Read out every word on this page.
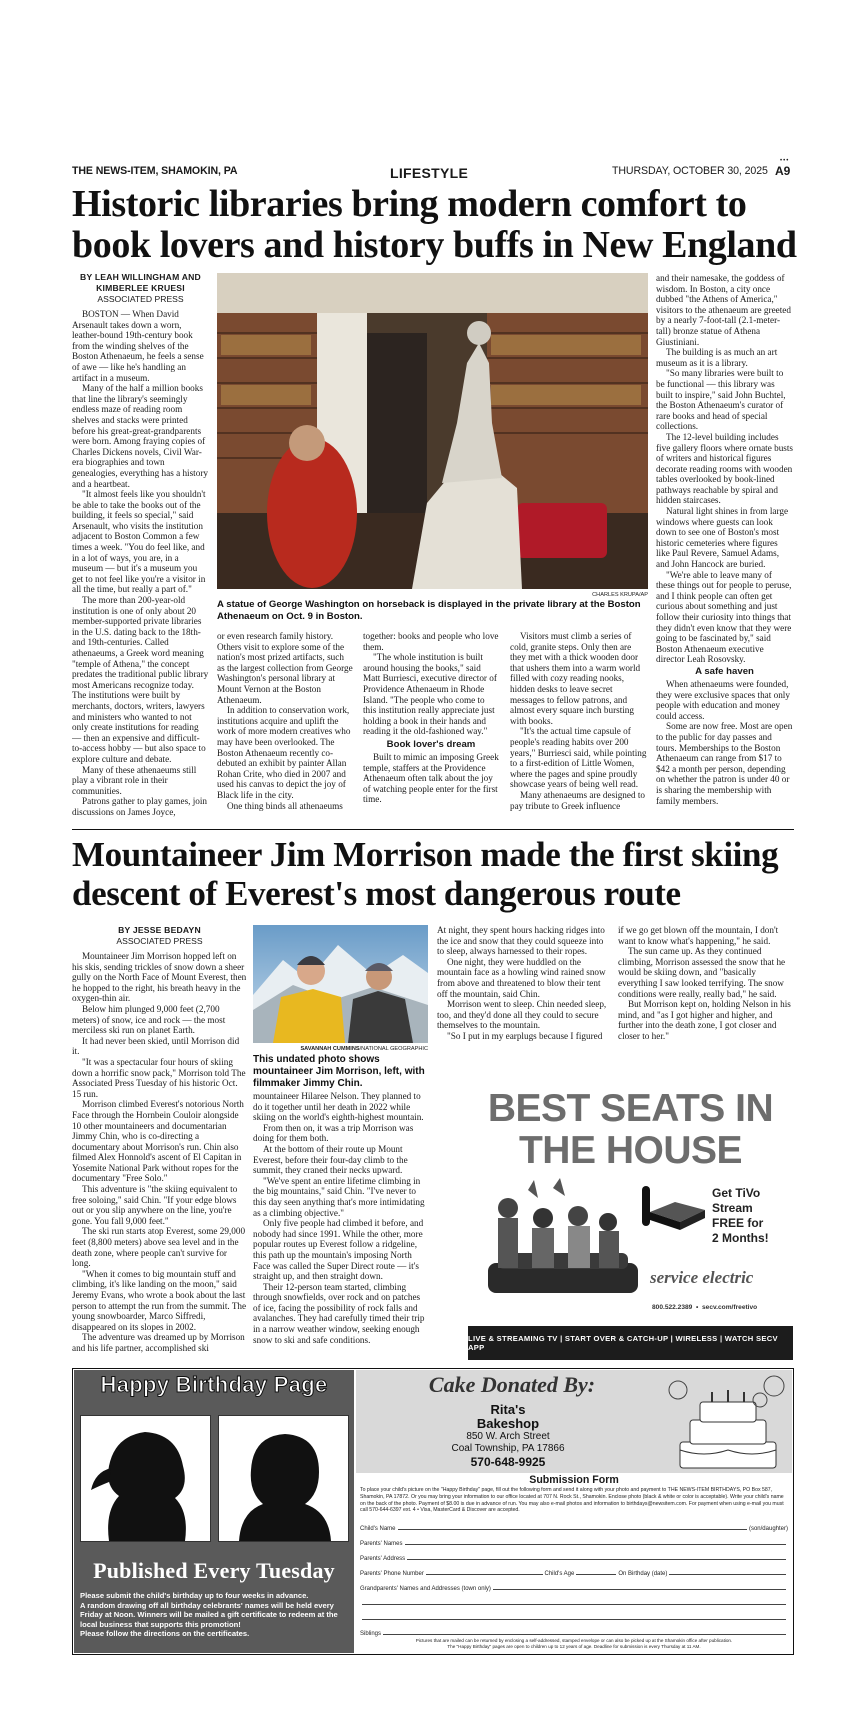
THE NEWS-ITEM, SHAMOKIN, PA	LIFESTYLE	THURSDAY, OCTOBER 30, 2025 A9
•••
Historic libraries bring modern comfort to
book lovers and history buffs in New England
BY LEAH WILLINGHAM AND
KIMBERLEE KRUESI
ASSOCIATED PRESS

BOSTON — When David Arsenault takes down a worn, leather-bound 19th-century book from the winding shelves of the Boston Athenaeum, he feels a sense of awe — like he's handling an artifact in a museum.

Many of the half a million books that line the library's seemingly endless maze of reading room shelves and stacks were printed before his great-great-grandparents were born. Among fraying copies of Charles Dickens novels, Civil War-era biographies and town genealogies, everything has a history and a heartbeat.

"It almost feels like you shouldn't be able to take the books out of the building, it feels so special," said Arsenault, who visits the institution adjacent to Boston Common a few times a week. "You do feel like, and in a lot of ways, you are, in a museum — but it's a museum you get to not feel like you're a visitor in all the time, but really a part of."

The more than 200-year-old institution is one of only about 20 member-supported private libraries in the U.S. dating back to the 18th- and 19th-centuries. Called athenaeums, a Greek word meaning "temple of Athena," the concept predates the traditional public library most Americans recognize today. The institutions were built by merchants, doctors, writers, lawyers and ministers who wanted to not only create institutions for reading — then an expensive and difficult-to-access hobby — but also space to explore culture and debate.

Many of these athenaeums still play a vibrant role in their communities.

Patrons gather to play games, join discussions on James Joyce,

CHARLES KRUPA/AP
A statue of George Washington on horseback is displayed in the private library at the Boston Athenaeum on Oct. 9 in Boston.

or even research family history. Others visit to explore some of the nation's most prized artifacts, such as the largest collection from George Washington's personal library at Mount Vernon at the Boston Athenaeum.

In addition to conservation work, institutions acquire and uplift the work of more modern creatives who may have been overlooked. The Boston Athenaeum recently co-debuted an exhibit by painter Allan Rohan Crite, who died in 2007 and used his canvas to depict the joy of Black life in the city.

One thing binds all athenaeums

together: books and people who love them.

"The whole institution is built around housing the books," said Matt Burriesci, executive director of Providence Athenaeum in Rhode Island. "The people who come to this institution really appreciate just holding a book in their hands and reading it the old-fashioned way."

Book lover's dream

Built to mimic an imposing Greek temple, staffers at the Providence Athenaeum often talk about the joy of watching people enter for the first time.

Visitors must climb a series of cold, granite steps. Only then are they met with a thick wooden door that ushers them into a warm world filled with cozy reading nooks, hidden desks to leave secret messages to fellow patrons, and almost every square inch bursting with books.

"It's the actual time capsule of people's reading habits over 200 years," Burriesci said, while pointing to a first-edition of Little Women, where the pages and spine proudly showcase years of being well read.

Many athenaeums are designed to pay tribute to Greek influence

and their namesake, the goddess of wisdom. In Boston, a city once dubbed "the Athens of America," visitors to the athenaeum are greeted by a nearly 7-foot-tall (2.1-meter-tall) bronze statue of Athena Giustiniani.

The building is as much an art museum as it is a library.

"So many libraries were built to be functional — this library was built to inspire," said John Buchtel, the Boston Athenaeum's curator of rare books and head of special collections.

The 12-level building includes five gallery floors where ornate busts of writers and historical figures decorate reading rooms with wooden tables overlooked by book-lined pathways reachable by spiral and hidden staircases.

Natural light shines in from large windows where guests can look down to see one of Boston's most historic cemeteries where figures like Paul Revere, Samuel Adams, and John Hancock are buried.

"We're able to leave many of these things out for people to peruse, and I think people can often get curious about something and just follow their curiosity into things that they didn't even know that they were going to be fascinated by," said Boston Athenaeum executive director Leah Rosovsky.

A safe haven

When athenaeums were founded, they were exclusive spaces that only people with education and money could access.

Some are now free. Most are open to the public for day passes and tours. Memberships to the Boston Athenaeum can range from $17 to $42 a month per person, depending on whether the patron is under 40 or is sharing the membership with family members.

Mountaineer Jim Morrison made the first skiing
descent of Everest's most dangerous route
BY JESSE BEDAYN
ASSOCIATED PRESS

Mountaineer Jim Morrison hopped left on his skis, sending trickles of snow down a sheer gully on the North Face of Mount Everest, then he hopped to the right, his breath heavy in the oxygen-thin air.

Below him plunged 9,000 feet (2,700 meters) of snow, ice and rock — the most merciless ski run on planet Earth.

It had never been skied, until Morrison did it.

"It was a spectacular four hours of skiing down a horrific snow pack," Morrison told The Associated Press Tuesday of his historic Oct. 15 run.

Morrison climbed Everest's notorious North Face through the Hornbein Couloir alongside 10 other mountaineers and documentarian Jimmy Chin, who is co-directing a documentary about Morrison's run. Chin also filmed Alex Honnold's ascent of El Capitan in Yosemite National Park without ropes for the documentary "Free Solo."

This adventure is "the skiing equivalent to free soloing," said Chin. "If your edge blows out or you slip anywhere on the line, you're gone. You fall 9,000 feet."

The ski run starts atop Everest, some 29,000 feet (8,800 meters) above sea level and in the death zone, where people can't survive for long.

"When it comes to big mountain stuff and climbing, it's like landing on the moon," said Jeremy Evans, who wrote a book about the last person to attempt the run from the summit. The young snowboarder, Marco Siffredi, disappeared on its slopes in 2002.

The adventure was dreamed up by Morrison and his life partner, accomplished ski

SAVANNAH CUMMINS/NATIONAL GEOGRAPHIC
This undated photo shows mountaineer Jim Morrison, left, with filmmaker Jimmy Chin.

mountaineer Hilaree Nelson. They planned to do it together until her death in 2022 while skiing on the world's eighth-highest mountain.

From then on, it was a trip Morrison was doing for them both.

At the bottom of their route up Mount Everest, before their four-day climb to the summit, they craned their necks upward.

"We've spent an entire lifetime climbing in the big mountains," said Chin. "I've never to this day seen anything that's more intimidating as a climbing objective."

Only five people had climbed it before, and nobody had since 1991. While the other, more popular routes up Everest follow a ridgeline, this path up the mountain's imposing North Face was called the Super Direct route — it's straight up, and then straight down.

Their 12-person team started, climbing through snowfields, over rock and on patches of ice, facing the possibility of rock falls and avalanches. They had carefully timed their trip in a narrow weather window, seeking enough snow to ski and safe conditions.

At night, they spent hours hacking ridges into the ice and snow that they could squeeze into to sleep, always harnessed to their ropes.

One night, they were huddled on the mountain face as a howling wind rained snow from above and threatened to blow their tent off the mountain, said Chin.

Morrison went to sleep. Chin needed sleep, too, and they'd done all they could to secure themselves to the mountain.

"So I put in my earplugs because I figured

if we go get blown off the mountain, I don't want to know what's happening," he said.

The sun came up. As they continued climbing, Morrison assessed the snow that he would be skiing down, and "basically everything I saw looked terrifying. The snow conditions were really, really bad," he said.

But Morrison kept on, holding Nelson in his mind, and "as I got higher and higher, and further into the death zone, I got closer and closer to her."

BEST SEATS IN
THE HOUSE
Get TiVo
Stream
FREE for
2 Months!
service electric
800.522.2389  •  secv.com/freetivo
LIVE & STREAMING TV | START OVER & CATCH-UP | WIRELESS | WATCH SECV APP
Happy Birthday Page
Published Every Tuesday
Please submit the child's birthday up to four weeks in advance.
A random drawing off all birthday celebrants' names will be held every Friday at Noon. Winners will be mailed a gift certificate to redeem at the local business that supports this promotion!
Please follow the directions on the certificates.
Cake Donated By:
Rita's
Bakeshop
850 W. Arch Street
Coal Township, PA 17866
570-648-9925
Submission Form
To place your child's picture on the "Happy Birthday" page, fill out the following form and send it along with your photo and payment to THE NEWS-ITEM BIRTHDAYS, PO Box 587, Shamokin, PA 17872. Or you may bring your information to our office located at 707 N. Rock St., Shamokin. Enclose photo (black & white or color is acceptable). Write your child's name on the back of the photo. Payment of $8.00 is due in advance of run. You may also e-mail photos and information to birthdays@newsitem.com. For payment when using e-mail you must call 570-644-6397 ext. 4 • Visa, MasterCard & Discover are accepted.
Child's Name	(son/daughter)
Parents' Names
Parents' Address
Parents' Phone Number	Child's Age	On Birthday (date)
Grandparents' Names and Addresses (town only)
Siblings
Pictures that are mailed can be returned by enclosing a self-addressed, stamped envelope or can also be picked up at the Shamokin office after publication.
The "Happy Birthday" pages are open to children up to 12 years of age. Deadline for submission is every Thursday at 11 AM.
